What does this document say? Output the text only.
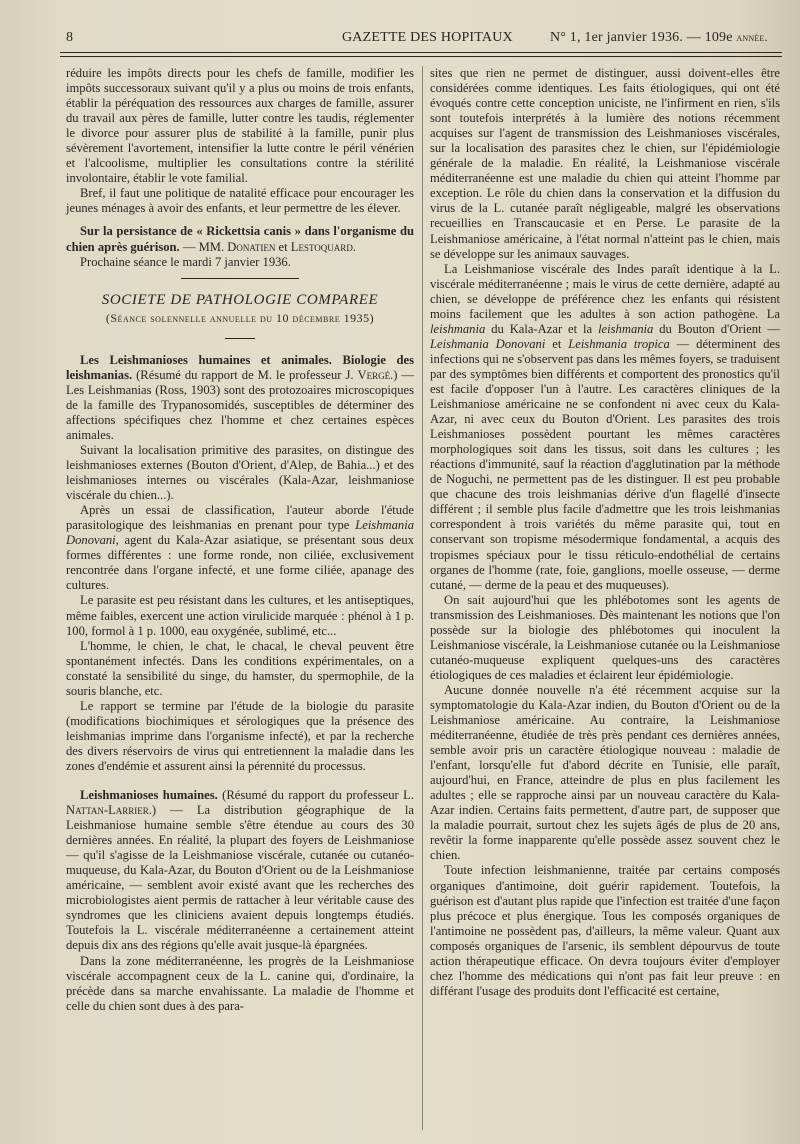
8	GAZETTE DES HOPITAUX	N° 1, 1er janvier 1936. — 109e année.

réduire les impôts directs pour les chefs de famille, modifier les impôts successoraux suivant qu'il y a plus ou moins de trois enfants, établir la péréquation des ressources aux charges de famille, assurer du travail aux pères de famille, lutter contre les taudis, réglementer le divorce pour assurer plus de stabilité à la famille, punir plus sévèrement l'avortement, intensifier la lutte contre le péril vénérien et l'alcoolisme, multiplier les consultations contre la stérilité involontaire, établir le vote familial.

Bref, il faut une politique de natalité efficace pour encourager les jeunes ménages à avoir des enfants, et leur permettre de les élever.

Sur la persistance de « Rickettsia canis » dans l'organisme du chien après guérison. — MM. Donatien et Lestoquard.

Prochaine séance le mardi 7 janvier 1936.

SOCIETE DE PATHOLOGIE COMPAREE
(Séance solennelle annuelle du 10 décembre 1935)

Les Leishmanioses humaines et animales. Biologie des leishmanias. (Résumé du rapport de M. le professeur J. Vergé.) — Les Leishmanias (Ross, 1903) sont des protozoaires microscopiques de la famille des Trypanosomidés, susceptibles de déterminer des affections spécifiques chez l'homme et chez certaines espèces animales.

Suivant la localisation primitive des parasites, on distingue des leishmanioses externes (Bouton d'Orient, d'Alep, de Bahia...) et des leishmanioses internes ou viscérales (Kala-Azar, leishmaniose viscérale du chien...).

Après un essai de classification, l'auteur aborde l'étude parasitologique des leishmanias en prenant pour type Leishmania Donovani, agent du Kala-Azar asiatique, se présentant sous deux formes différentes : une forme ronde, non ciliée, exclusivement rencontrée dans l'organe infecté, et une forme ciliée, apanage des cultures.

Le parasite est peu résistant dans les cultures, et les antiseptiques, même faibles, exercent une action virulicide marquée : phénol à 1 p. 100, formol à 1 p. 1000, eau oxygénée, sublimé, etc...

L'homme, le chien, le chat, le chacal, le cheval peuvent être spontanément infectés. Dans les conditions expérimentales, on a constaté la sensibilité du singe, du hamster, du spermophile, de la souris blanche, etc.

Le rapport se termine par l'étude de la biologie du parasite (modifications biochimiques et sérologiques que la présence des leishmanias imprime dans l'organisme infecté), et par la recherche des divers réservoirs de virus qui entretiennent la maladie dans les zones d'endémie et assurent ainsi la pérennité du processus.

Leishmanioses humaines. (Résumé du rapport du professeur L. Nattan-Larrier.) — La distribution géographique de la Leishmaniose humaine semble s'être étendue au cours des 30 dernières années. En réalité, la plupart des foyers de Leishmaniose — qu'il s'agisse de la Leishmaniose viscérale, cutanée ou cutanéo-muqueuse, du Kala-Azar, du Bouton d'Orient ou de la Leishmaniose américaine, — semblent avoir existé avant que les recherches des microbiologistes aient permis de rattacher à leur véritable cause des syndromes que les cliniciens avaient depuis longtemps étudiés. Toutefois la L. viscérale méditerranéenne a certainement atteint depuis dix ans des régions qu'elle avait jusque-là épargnées.

Dans la zone méditerranéenne, les progrès de la Leishmaniose viscérale accompagnent ceux de la L. canine qui, d'ordinaire, la précède dans sa marche envahissante. La maladie de l'homme et celle du chien sont dues à des para-

sites que rien ne permet de distinguer, aussi doivent-elles être considérées comme identiques. Les faits étiologiques, qui ont été évoqués contre cette conception uniciste, ne l'infirment en rien, s'ils sont toutefois interprétés à la lumière des notions récemment acquises sur l'agent de transmission des Leishmanioses viscérales, sur la localisation des parasites chez le chien, sur l'épidémiologie générale de la maladie. En réalité, la Leishmaniose viscérale méditerranéenne est une maladie du chien qui atteint l'homme par exception. Le rôle du chien dans la conservation et la diffusion du virus de la L. cutanée paraît négligeable, malgré les observations recueillies en Transcaucasie et en Perse. Le parasite de la Leishmaniose américaine, à l'état normal n'atteint pas le chien, mais se développe sur les animaux sauvages.

La Leishmaniose viscérale des Indes paraît identique à la L. viscérale méditerranéenne ; mais le virus de cette dernière, adapté au chien, se développe de préférence chez les enfants qui résistent moins facilement que les adultes à son action pathogène. La leishmania du Kala-Azar et la leishmania du Bouton d'Orient — Leishmania Donovani et Leishmania tropica — déterminent des infections qui ne s'observent pas dans les mêmes foyers, se traduisent par des symptômes bien différents et comportent des pronostics qu'il est facile d'opposer l'un à l'autre. Les caractères cliniques de la Leishmaniose américaine ne se confondent ni avec ceux du Kala-Azar, ni avec ceux du Bouton d'Orient. Les parasites des trois Leishmanioses possèdent pourtant les mêmes caractères morphologiques soit dans les tissus, soit dans les cultures ; les réactions d'immunité, sauf la réaction d'agglutination par la méthode de Noguchi, ne permettent pas de les distinguer. Il est peu probable que chacune des trois leishmanias dérive d'un flagellé d'insecte différent ; il semble plus facile d'admettre que les trois leishmanias correspondent à trois variétés du même parasite qui, tout en conservant son tropisme mésodermique fondamental, a acquis des tropismes spéciaux pour le tissu réticulo-endothélial de certains organes de l'homme (rate, foie, ganglions, moelle osseuse, — derme cutané, — derme de la peau et des muqueuses).

On sait aujourd'hui que les phlébotomes sont les agents de transmission des Leishmanioses. Dès maintenant les notions que l'on possède sur la biologie des phlébotomes qui inoculent la Leishmaniose viscérale, la Leishmaniose cutanée ou la Leishmaniose cutanéo-muqueuse expliquent quelques-uns des caractères étiologiques de ces maladies et éclairent leur épidémiologie.

Aucune donnée nouvelle n'a été récemment acquise sur la symptomatologie du Kala-Azar indien, du Bouton d'Orient ou de la Leishmaniose américaine. Au contraire, la Leishmaniose méditerranéenne, étudiée de très près pendant ces dernières années, semble avoir pris un caractère étiologique nouveau : maladie de l'enfant, lorsqu'elle fut d'abord décrite en Tunisie, elle paraît, aujourd'hui, en France, atteindre de plus en plus facilement les adultes ; elle se rapproche ainsi par un nouveau caractère du Kala-Azar indien. Certains faits permettent, d'autre part, de supposer que la maladie pourrait, surtout chez les sujets âgés de plus de 20 ans, revêtir la forme inapparente qu'elle possède assez souvent chez le chien.

Toute infection leishmanienne, traitée par certains composés organiques d'antimoine, doit guérir rapidement. Toutefois, la guérison est d'autant plus rapide que l'infection est traitée d'une façon plus précoce et plus énergique. Tous les composés organiques de l'antimoine ne possèdent pas, d'ailleurs, la même valeur. Quant aux composés organiques de l'arsenic, ils semblent dépourvus de toute action thérapeutique efficace. On devra toujours éviter d'employer chez l'homme des médications qui n'ont pas fait leur preuve : en différant l'usage des produits dont l'efficacité est certaine,
